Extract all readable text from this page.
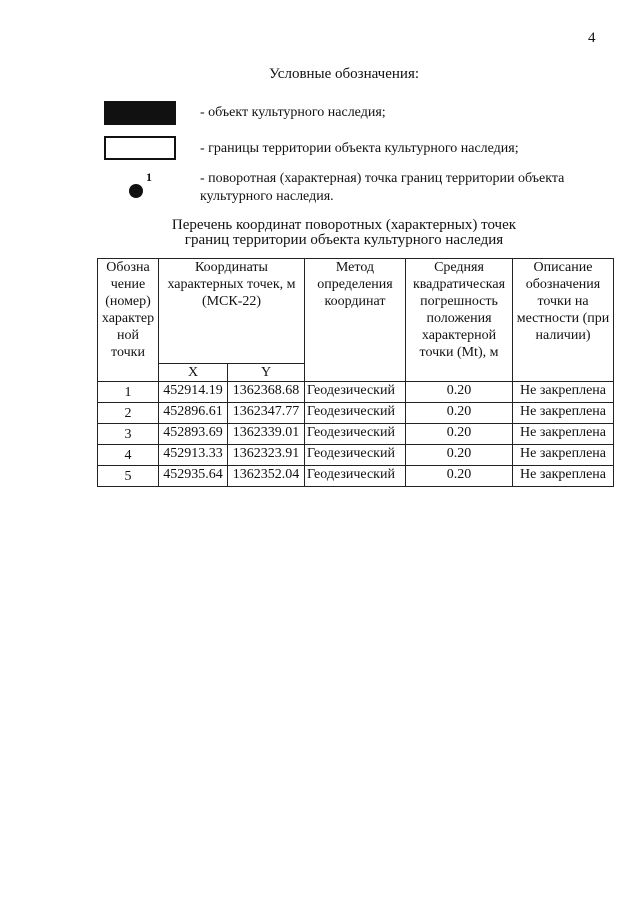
4
Условные обозначения:
- объект культурного наследия;
- границы территории объекта культурного наследия;
1	- поворотная (характерная) точка границ территории объекта культурного наследия.
Перечень координат поворотных (характерных) точек
границ территории объекта культурного наследия
Обозна чение (номер) характер ной точки	Координаты характерных точек, м (МСК-22)		Метод определения координат	Средняя квадратическая погрешность положения характерной точки (Mt), м	Описание обозначения точки на местности (при наличии)
	X	Y			
1	452914.19	1362368.68	Геодезический	0.20	Не закреплена
2	452896.61	1362347.77	Геодезический	0.20	Не закреплена
3	452893.69	1362339.01	Геодезический	0.20	Не закреплена
4	452913.33	1362323.91	Геодезический	0.20	Не закреплена
5	452935.64	1362352.04	Геодезический	0.20	Не закреплена
